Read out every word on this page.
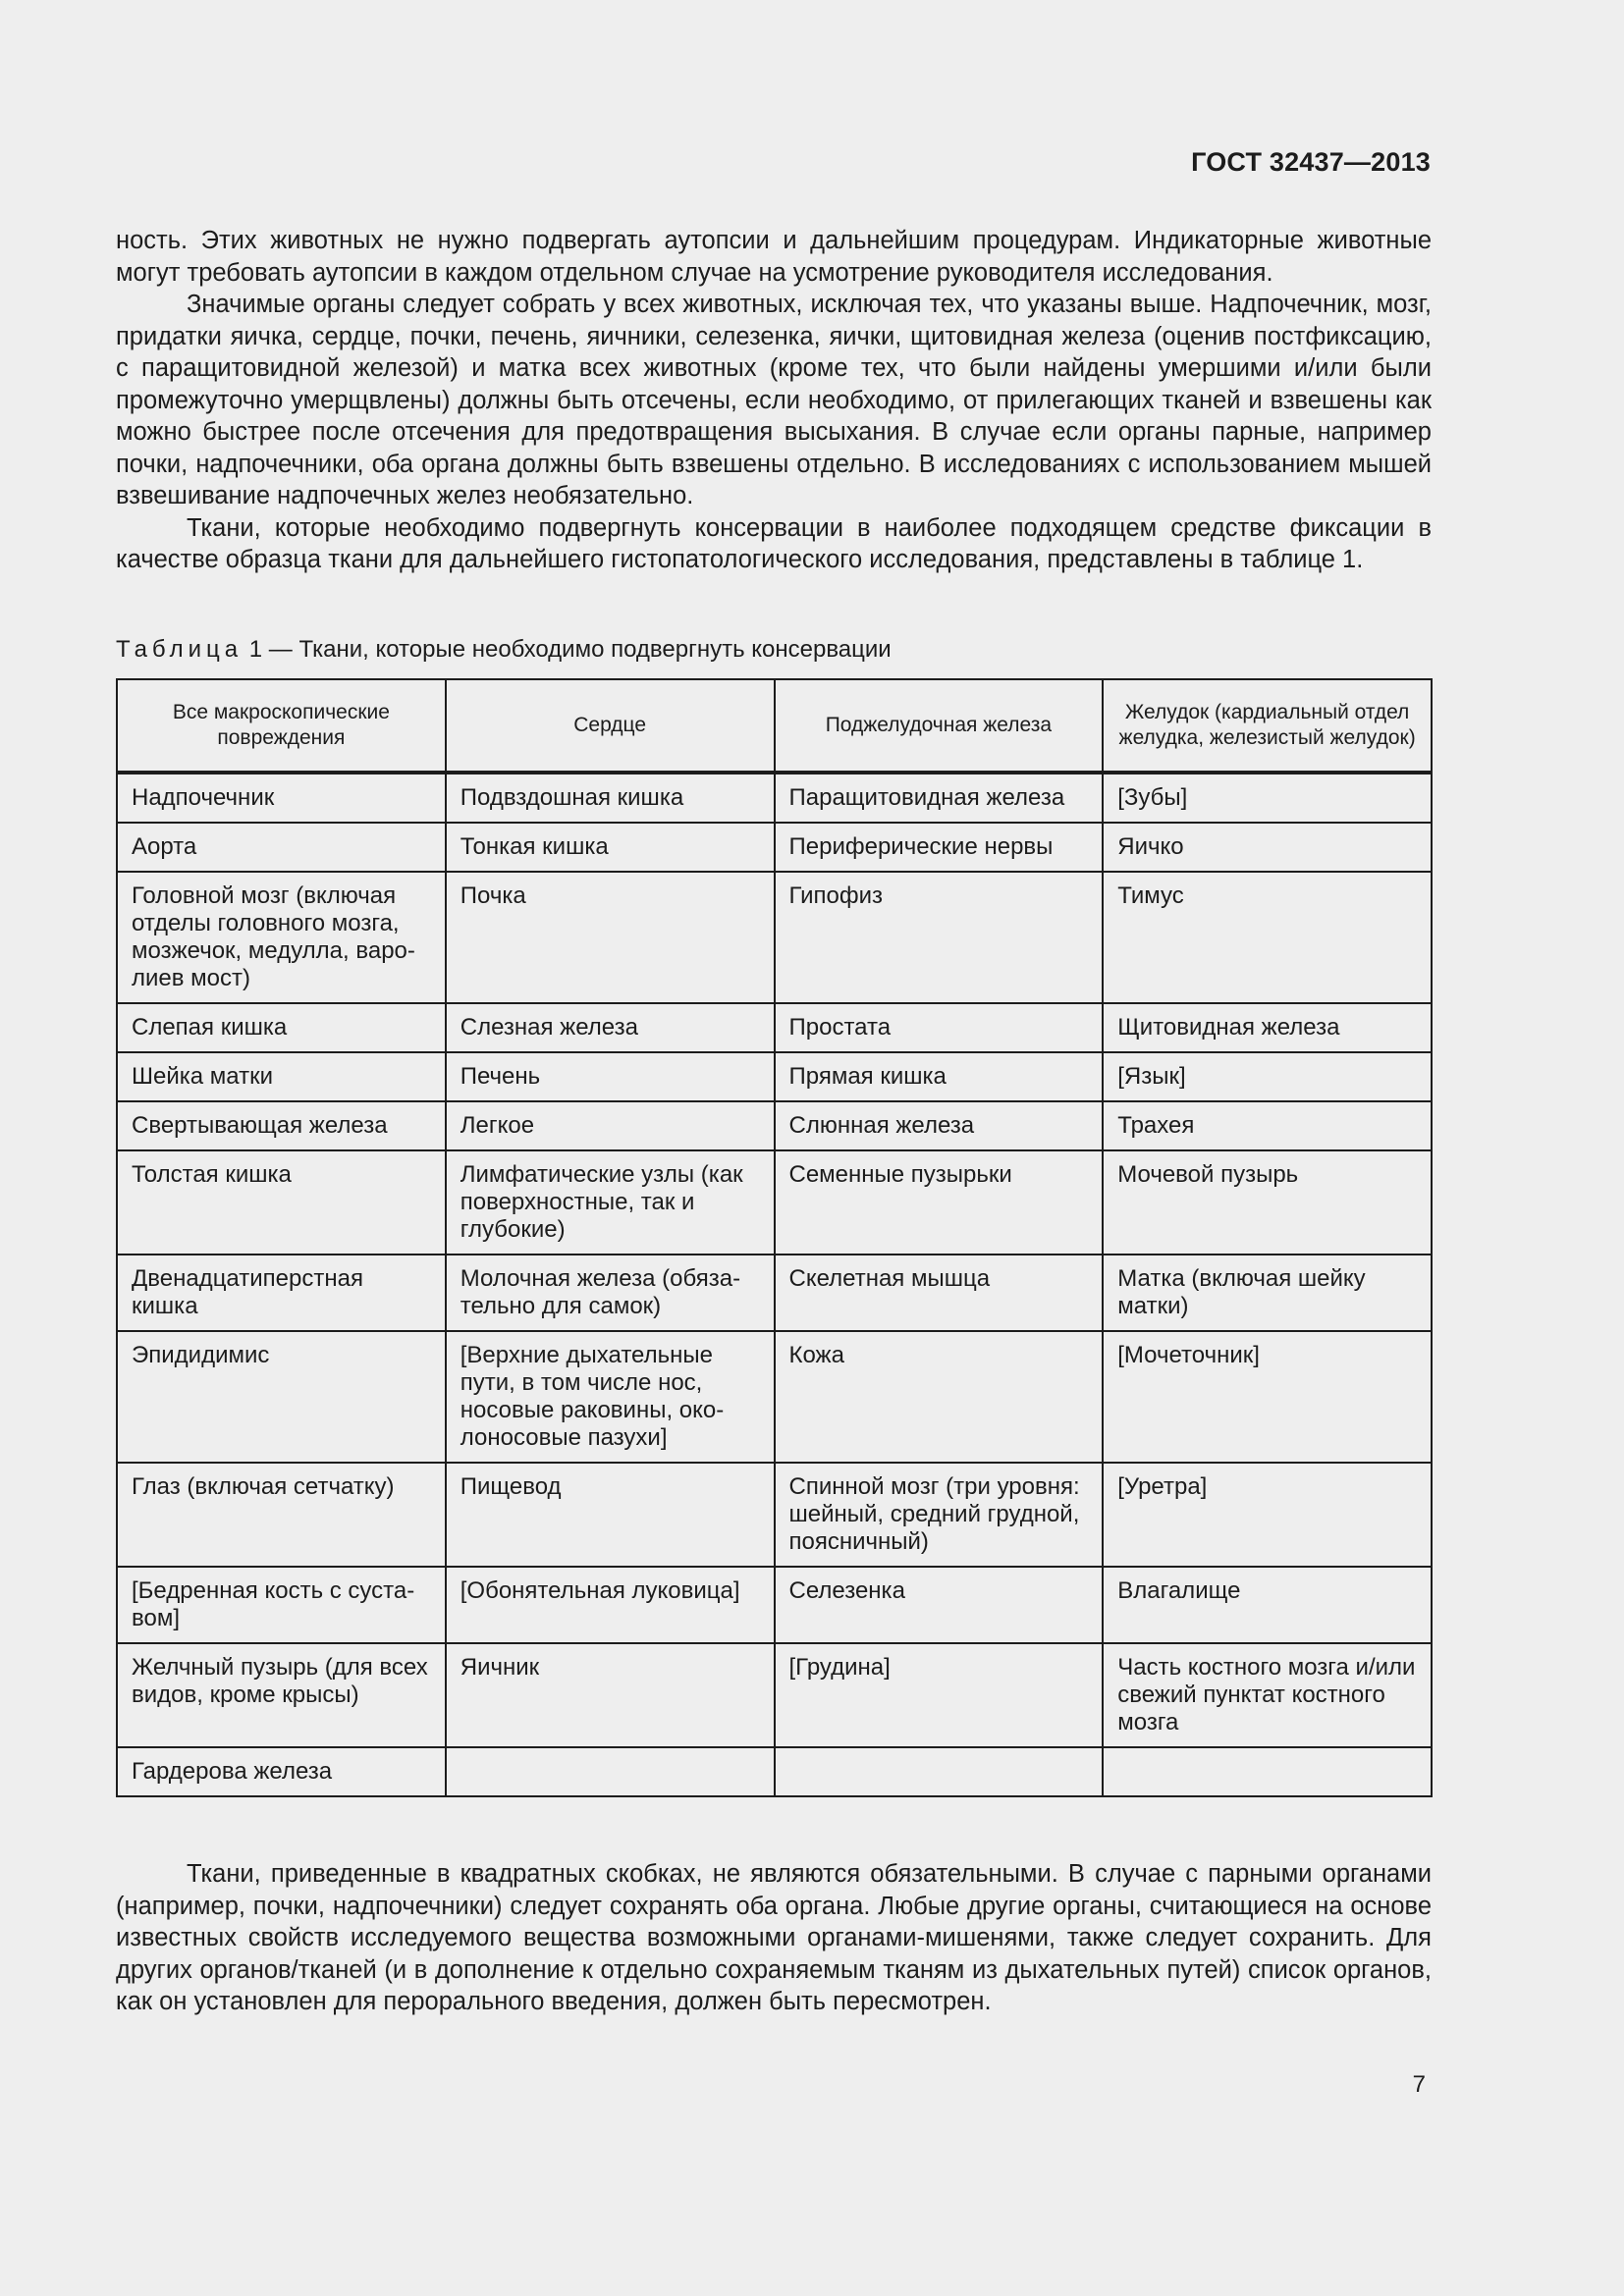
ГОСТ 32437—2013

ность. Этих животных не нужно подвергать аутопсии и дальнейшим процедурам. Индикаторные животные могут требовать аутопсии в каждом отдельном случае на усмотрение руководителя исследования.

Значимые органы следует собрать у всех животных, исключая тех, что указаны выше. Надпочечник, мозг, придатки яичка, сердце, почки, печень, яичники, селезенка, яички, щитовидная железа (оценив постфиксацию, с паращитовидной железой) и матка всех животных (кроме тех, что были найдены умершими и/или были промежуточно умерщвлены) должны быть отсечены, если необходимо, от прилегающих тканей и взвешены как можно быстрее после отсечения для предотвращения высыхания. В случае если органы парные, например почки, надпочечники, оба органа должны быть взвешены отдельно. В исследованиях с использованием мышей взвешивание надпочечных желез необязательно.

Ткани, которые необходимо подвергнуть консервации в наиболее подходящем средстве фиксации в качестве образца ткани для дальнейшего гистопатологического исследования, представлены в таблице 1.

Таблица 1 — Ткани, которые необходимо подвергнуть консервации
Все макроскопические повреждения	Сердце	Поджелудочная железа	Желудок (кардиальный отдел желудка, железистый желудок)
Надпочечник	Подвздошная кишка	Паращитовидная железа	[Зубы]
Аорта	Тонкая кишка	Периферические нервы	Яичко
Головной мозг (включая отделы головного мозга, мозжечок, медулла, варолиев мост)	Почка	Гипофиз	Тимус
Слепая кишка	Слезная железа	Простата	Щитовидная железа
Шейка матки	Печень	Прямая кишка	[Язык]
Свертывающая железа	Легкое	Слюнная железа	Трахея
Толстая кишка	Лимфатические узлы (как поверхностные, так и глубокие)	Семенные пузырьки	Мочевой пузырь
Двенадцатиперстная кишка	Молочная железа (обязательно для самок)	Скелетная мышца	Матка (включая шейку матки)
Эпидидимис	[Верхние дыхательные пути, в том числе нос, носовые раковины, околоносовые пазухи]	Кожа	[Мочеточник]
Глаз (включая сетчатку)	Пищевод	Спинной мозг (три уровня: шейный, средний грудной, поясничный)	[Уретра]
[Бедренная кость с суставом]	[Обонятельная луковица]	Селезенка	Влагалище
Желчный пузырь (для всех видов, кроме крысы)	Яичник	[Грудина]	Часть костного мозга и/или свежий пунктат костного мозга
Гардерова железа			

Ткани, приведенные в квадратных скобках, не являются обязательными. В случае с парными органами (например, почки, надпочечники) следует сохранять оба органа. Любые другие органы, считающиеся на основе известных свойств исследуемого вещества возможными органами-мишенями, также следует сохранить. Для других органов/тканей (и в дополнение к отдельно сохраняемым тканям из дыхательных путей) список органов, как он установлен для перорального введения, должен быть пересмотрен.

7
